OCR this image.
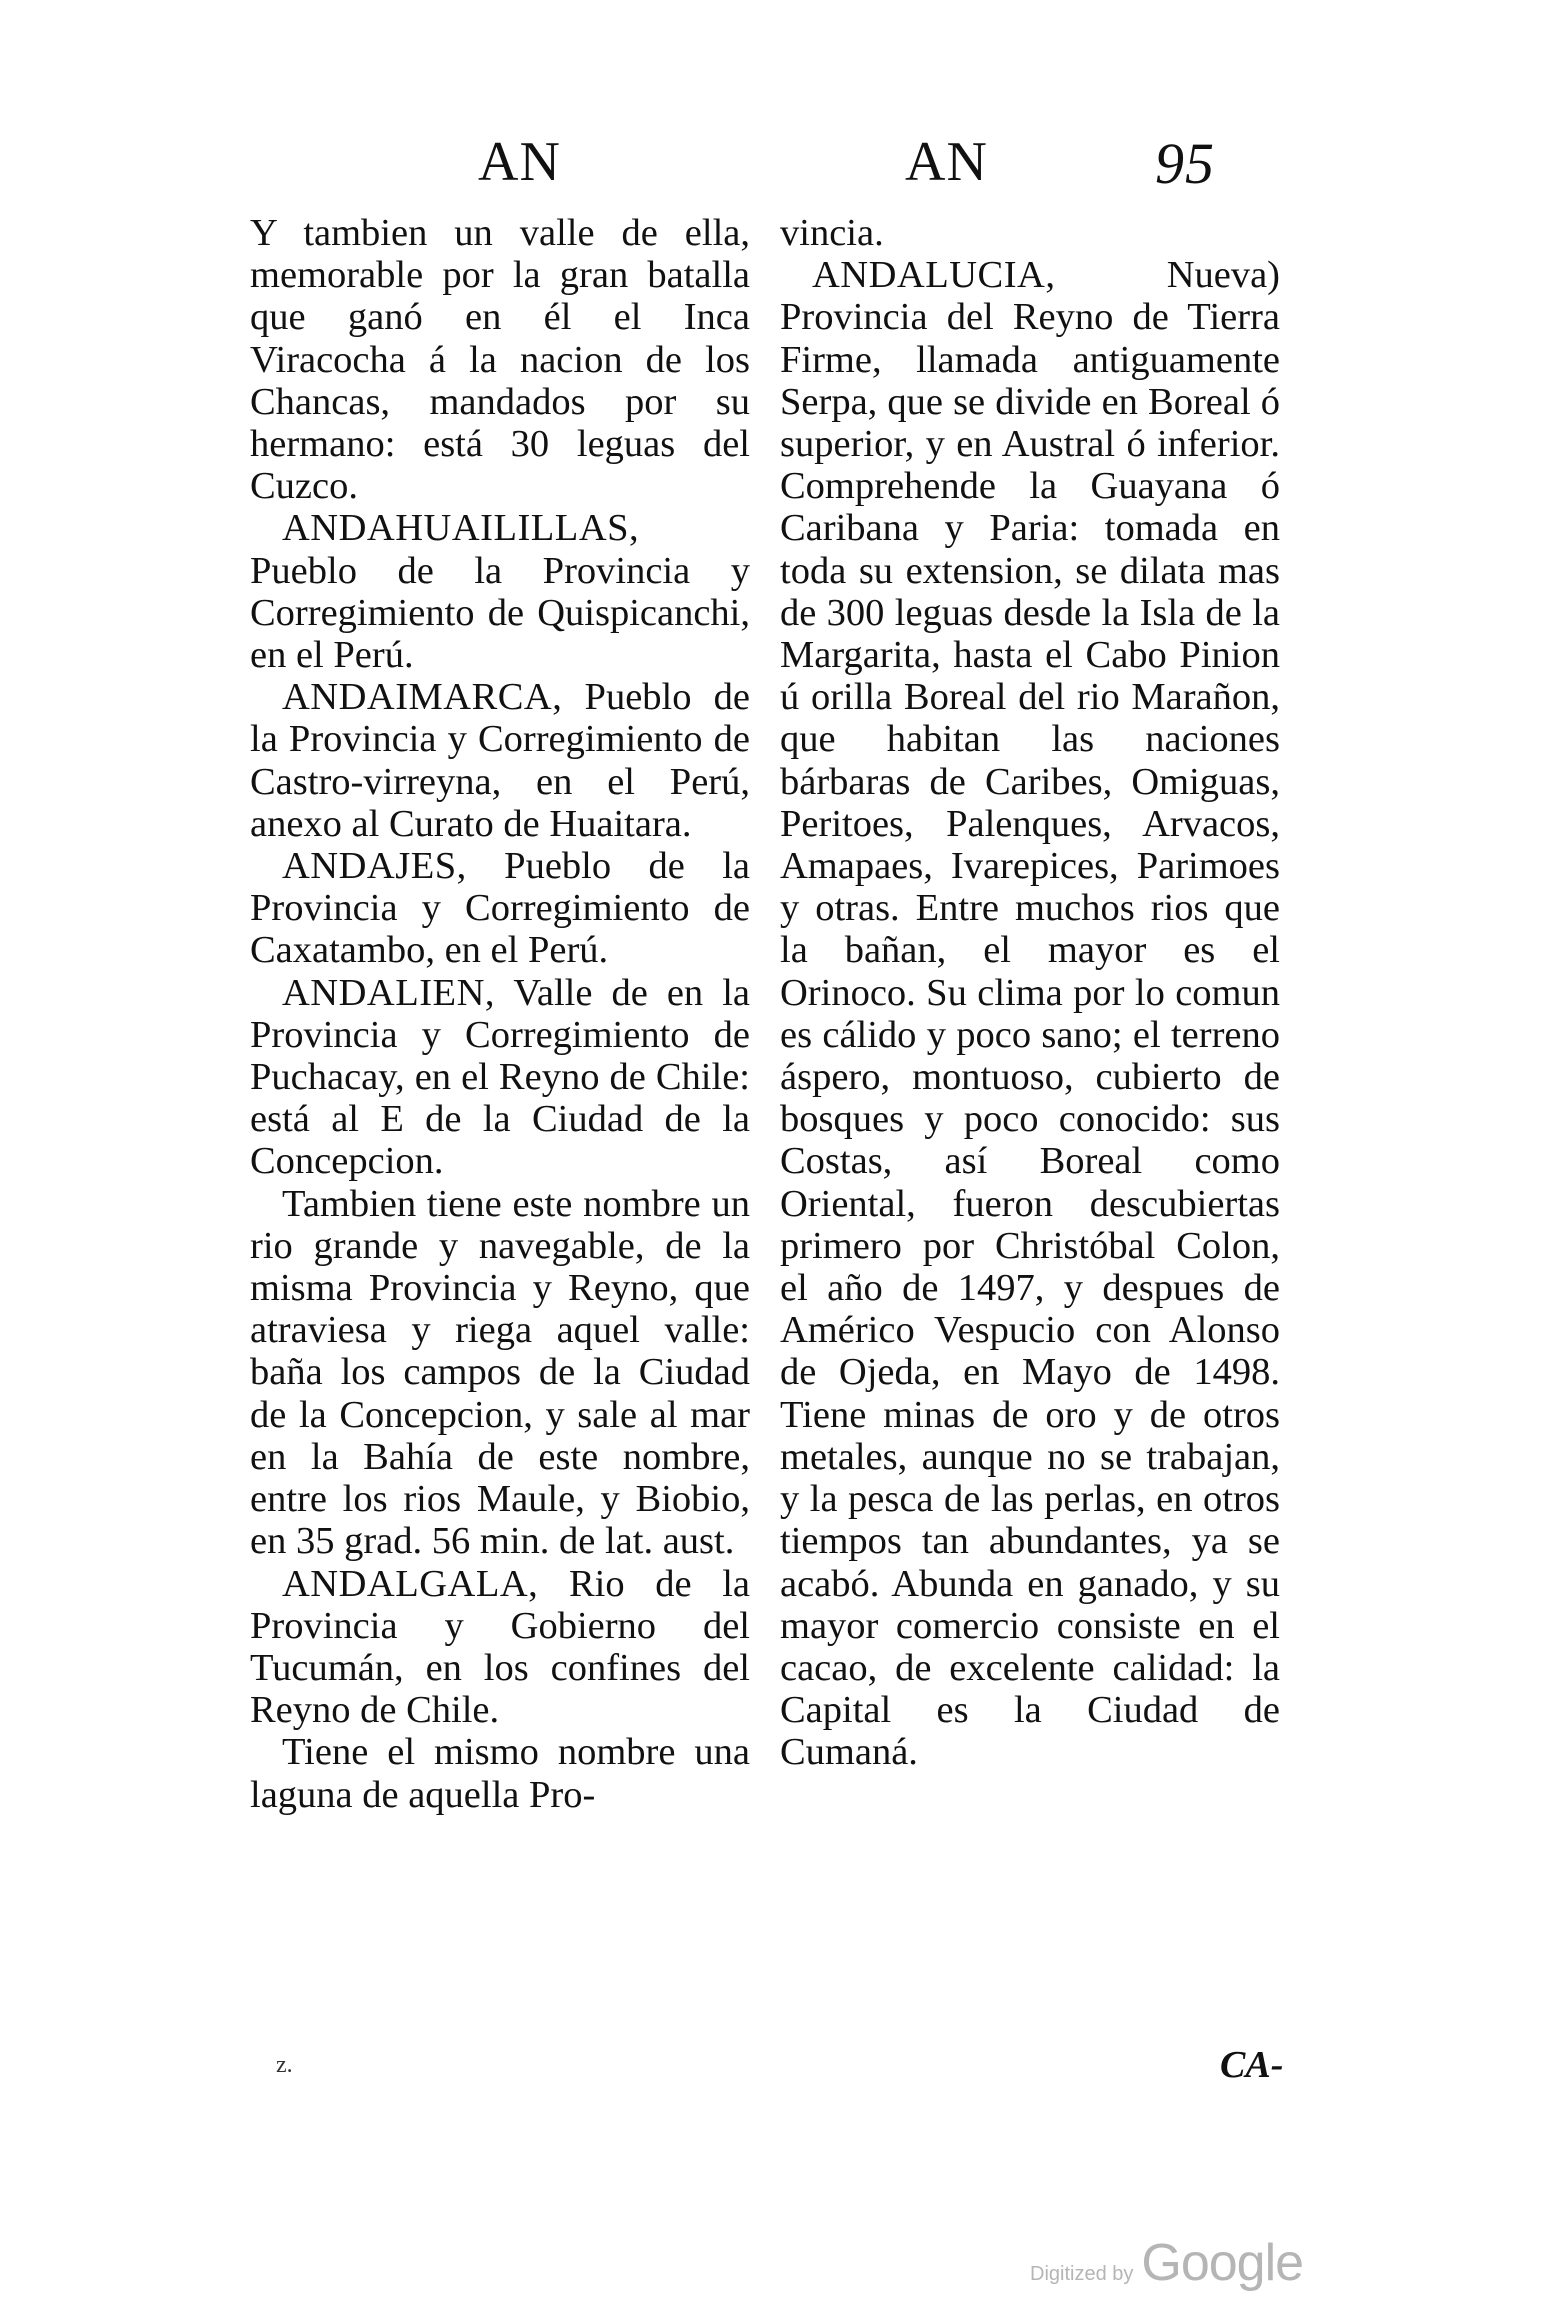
AN	AN	95

Y tambien un valle de ella, memorable por la gran batalla que ganó en él el Inca Viracocha á la nacion de los Chancas, mandados por su hermano: está 30 leguas del Cuzco.

ANDAHUAILILLAS, Pueblo de la Provincia y Corregimiento de Quispicanchi, en el Perú.

ANDAIMARCA, Pueblo de la Provincia y Corregimiento de Castro-virreyna, en el Perú, anexo al Curato de Huaitara.

ANDAJES, Pueblo de la Provincia y Corregimiento de Caxatambo, en el Perú.

ANDALIEN, Valle de en la Provincia y Corregimiento de Puchacay, en el Reyno de Chile: está al E de la Ciudad de la Concepcion.

Tambien tiene este nombre un rio grande y navegable, de la misma Provincia y Reyno, que atraviesa y riega aquel valle: baña los campos de la Ciudad de la Concepcion, y sale al mar en la Bahía de este nombre, entre los rios Maule, y Biobio, en 35 grad. 56 min. de lat. aust.

ANDALGALA, Rio de la Provincia y Gobierno del Tucumán, en los confines del Reyno de Chile.

Tiene el mismo nombre una laguna de aquella Pro-

vincia.

ANDALUCIA, Nueva) Provincia del Reyno de Tierra Firme, llamada antiguamente Serpa, que se divide en Boreal ó superior, y en Austral ó inferior. Comprehende la Guayana ó Caribana y Paria: tomada en toda su extension, se dilata mas de 300 leguas desde la Isla de la Margarita, hasta el Cabo Pinion ú orilla Boreal del rio Marañon, que habitan las naciones bárbaras de Caribes, Omiguas, Peritoes, Palenques, Arvacos, Amapaes, Ivarepices, Parimoes y otras. Entre muchos rios que la bañan, el mayor es el Orinoco. Su clima por lo comun es cálido y poco sano; el terreno áspero, montuoso, cubierto de bosques y poco conocido: sus Costas, así Boreal como Oriental, fueron descubiertas primero por Christóbal Colon, el año de 1497, y despues de Américo Vespucio con Alonso de Ojeda, en Mayo de 1498. Tiene minas de oro y de otros metales, aunque no se trabajan, y la pesca de las perlas, en otros tiempos tan abundantes, ya se acabó. Abunda en ganado, y su mayor comercio consiste en el cacao, de excelente calidad: la Capital es la Ciudad de Cumaná.

z.	CA-
Digitized by Google
